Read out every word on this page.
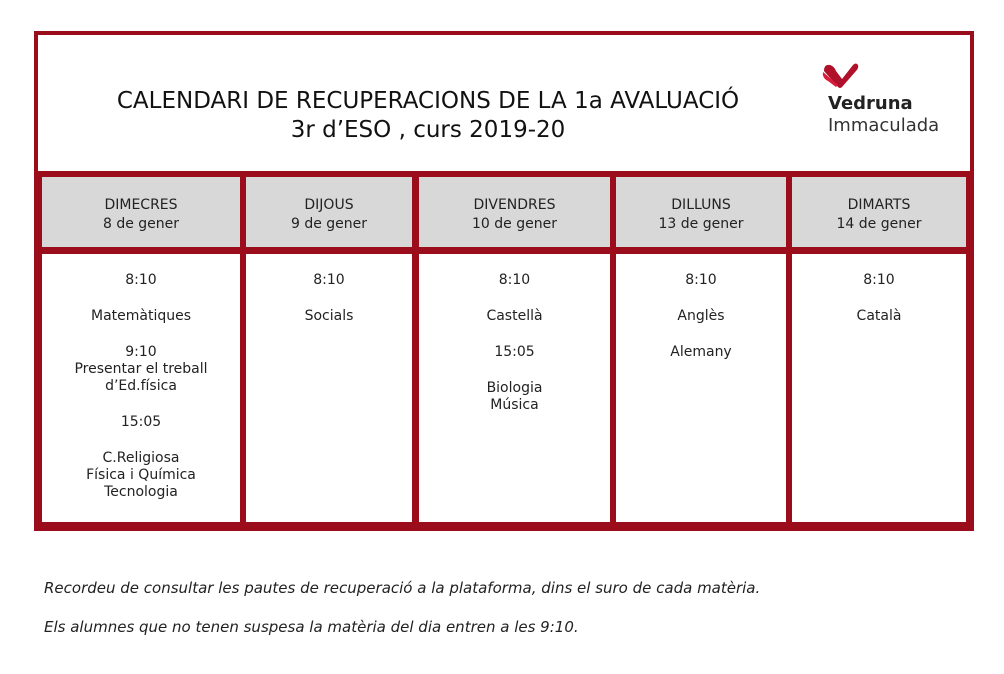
CALENDARI DE RECUPERACIONS DE LA 1a AVALUACIÓ
3r d’ESO , curs 2019-20
Vedruna
Immaculada
DIMECRES
8 de gener

8:10

Matemàtiques

9:10

Presentar el treball

d’Ed.física

15:05

C.Religiosa

Física i Química

Tecnologia

DIJOUS
9 de gener

8:10

Socials

DIVENDRES
10 de gener

8:10

Castellà

15:05

Biologia

Música

DILLUNS
13 de gener

8:10

Anglès

Alemany

DIMARTS
14 de gener

8:10

Català

Recordeu de consultar les pautes de recuperació a la plataforma, dins el suro de cada matèria.
Els alumnes que no tenen suspesa la matèria del dia entren a les 9:10.
